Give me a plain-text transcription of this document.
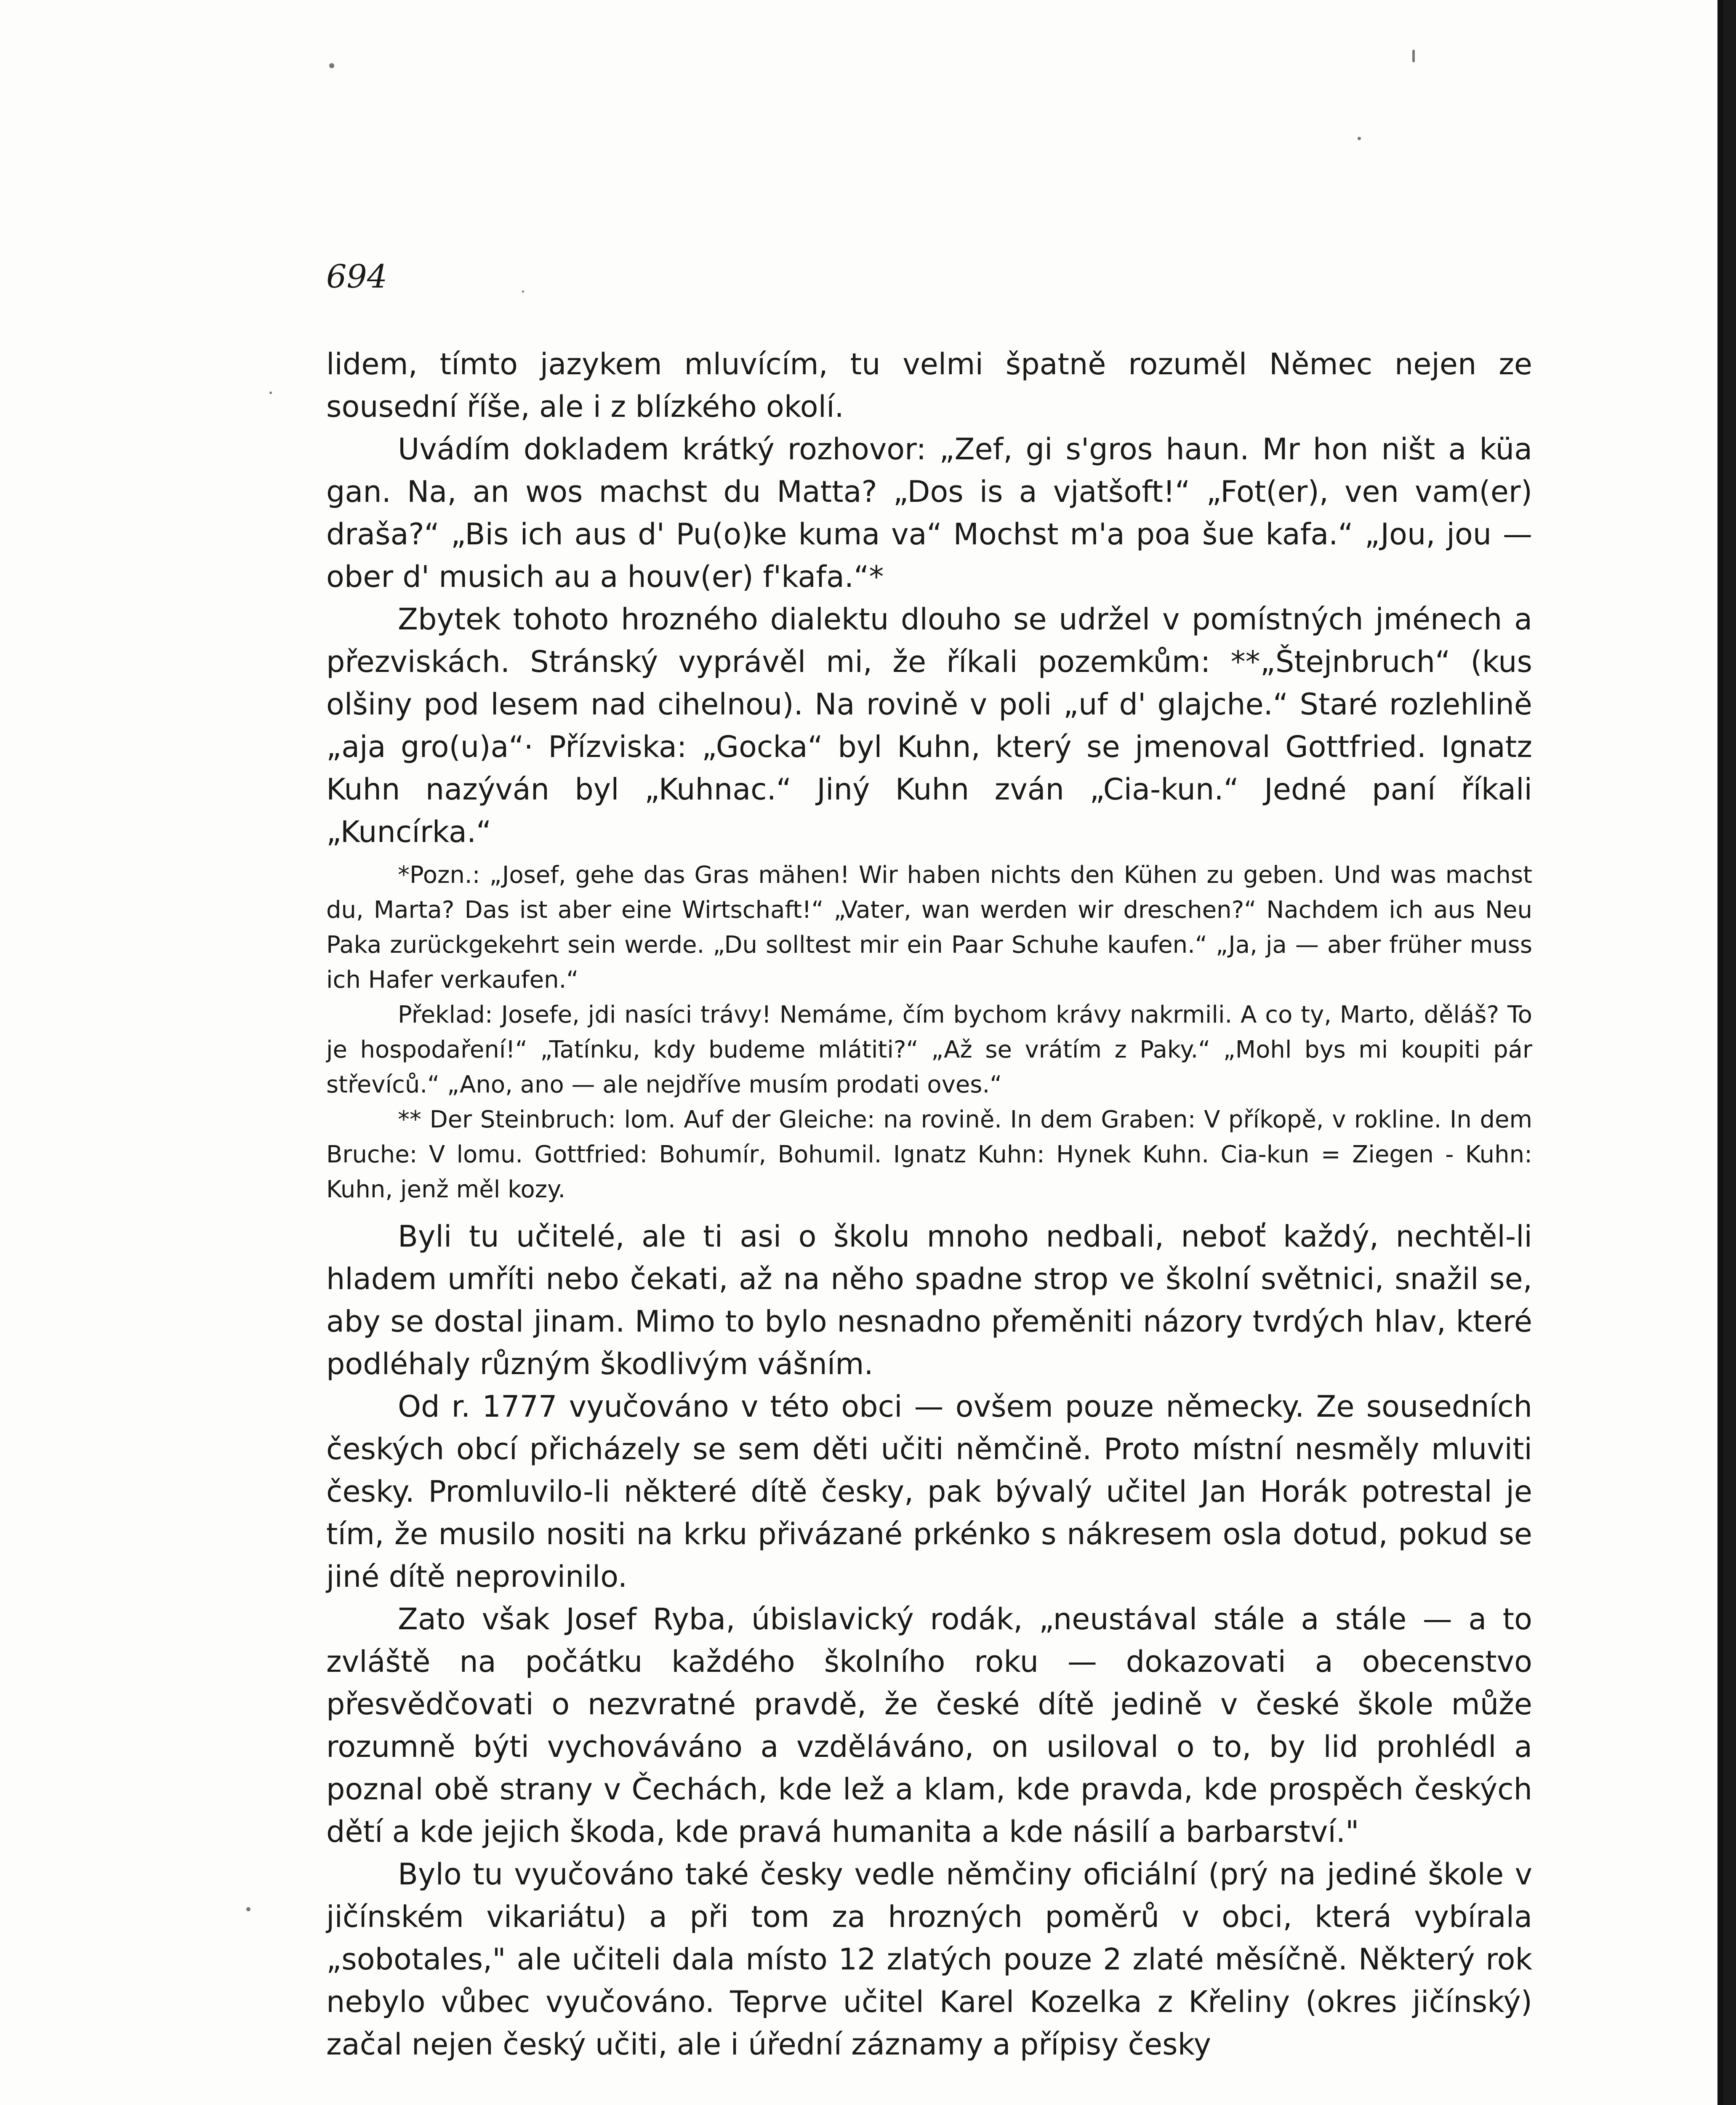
694

lidem, tímto jazykem mluvícím, tu velmi špatně rozuměl Němec nejen ze sousední říše, ale i z blízkého okolí.

Uvádím dokladem krátký rozhovor: „Zef, gi s'gros haun. Mr hon ništ a küa gan. Na, an wos machst du Matta? „Dos is a vjatšoft!“ „Fot(er), ven vam(er) draša?“ „Bis ich aus d' Pu(o)ke kuma va“ Mochst m'a poa šue kafa.“ „Jou, jou — ober d' musich au a houv(er) f'kafa.“*

Zbytek tohoto hrozného dialektu dlouho se udržel v pomístných jménech a přezviskách. Stránský vyprávěl mi, že říkali pozemkům: **„Štejnbruch“ (kus olšiny pod lesem nad cihelnou). Na rovině v poli „uf d' glajche.“ Staré rozlehlině „aja gro(u)a“· Přízviska: „Gocka“ byl Kuhn, který se jmenoval Gottfried. Ignatz Kuhn nazýván byl „Kuhnac.“ Jiný Kuhn zván „Cia-kun.“ Jedné paní říkali „Kuncírka.“

*Pozn.: „Josef, gehe das Gras mähen! Wir haben nichts den Kühen zu geben. Und was machst du, Marta? Das ist aber eine Wirtschaft!“ „Vater, wan werden wir dreschen?“ Nachdem ich aus Neu Paka zurückgekehrt sein werde. „Du solltest mir ein Paar Schuhe kaufen.“ „Ja, ja — aber früher muss ich Hafer verkaufen.“

Překlad: Josefe, jdi nasíci trávy! Nemáme, čím bychom krávy nakrmili. A co ty, Marto, děláš? To je hospodaření!“ „Tatínku, kdy budeme mlátiti?“ „Až se vrátím z Paky.“ „Mohl bys mi koupiti pár střevíců.“ „Ano, ano — ale nejdříve musím prodati oves.“

** Der Steinbruch: lom. Auf der Gleiche: na rovině. In dem Graben: V příkopě, v rokline. In dem Bruche: V lomu. Gottfried: Bohumír, Bohumil. Ignatz Kuhn: Hynek Kuhn. Cia-kun = Ziegen - Kuhn: Kuhn, jenž měl kozy.

Byli tu učitelé, ale ti asi o školu mnoho nedbali, neboť každý, nechtěl-li hladem umříti nebo čekati, až na něho spadne strop ve školní světnici, snažil se, aby se dostal jinam. Mimo to bylo nesnadno přeměniti názory tvrdých hlav, které podléhaly různým škodlivým vášním.

Od r. 1777 vyučováno v této obci — ovšem pouze německy. Ze sousedních českých obcí přicházely se sem děti učiti němčině. Proto místní nesměly mluviti česky. Promluvilo-li některé dítě česky, pak bývalý učitel Jan Horák potrestal je tím, že musilo nositi na krku přivázané prkénko s nákresem osla dotud, pokud se jiné dítě neprovinilo.

Zato však Josef Ryba, úbislavický rodák, „neustával stále a stále — a to zvláště na počátku každého školního roku — dokazovati a obecenstvo přesvědčovati o nezvratné pravdě, že české dítě jedině v české škole může rozumně býti vychováváno a vzděláváno, on usiloval o to, by lid prohlédl a poznal obě strany v Čechách, kde lež a klam, kde pravda, kde prospěch českých dětí a kde jejich škoda, kde pravá humanita a kde násilí a barbarství."

Bylo tu vyučováno také česky vedle němčiny oficiální (prý na jediné škole v jičínském vikariátu) a při tom za hrozných poměrů v obci, která vybírala „sobotales," ale učiteli dala místo 12 zlatých pouze 2 zlaté měsíčně. Některý rok nebylo vůbec vyučováno. Teprve učitel Karel Kozelka z Křeliny (okres jičínský) začal nejen český učiti, ale i úřední záznamy a přípisy česky
